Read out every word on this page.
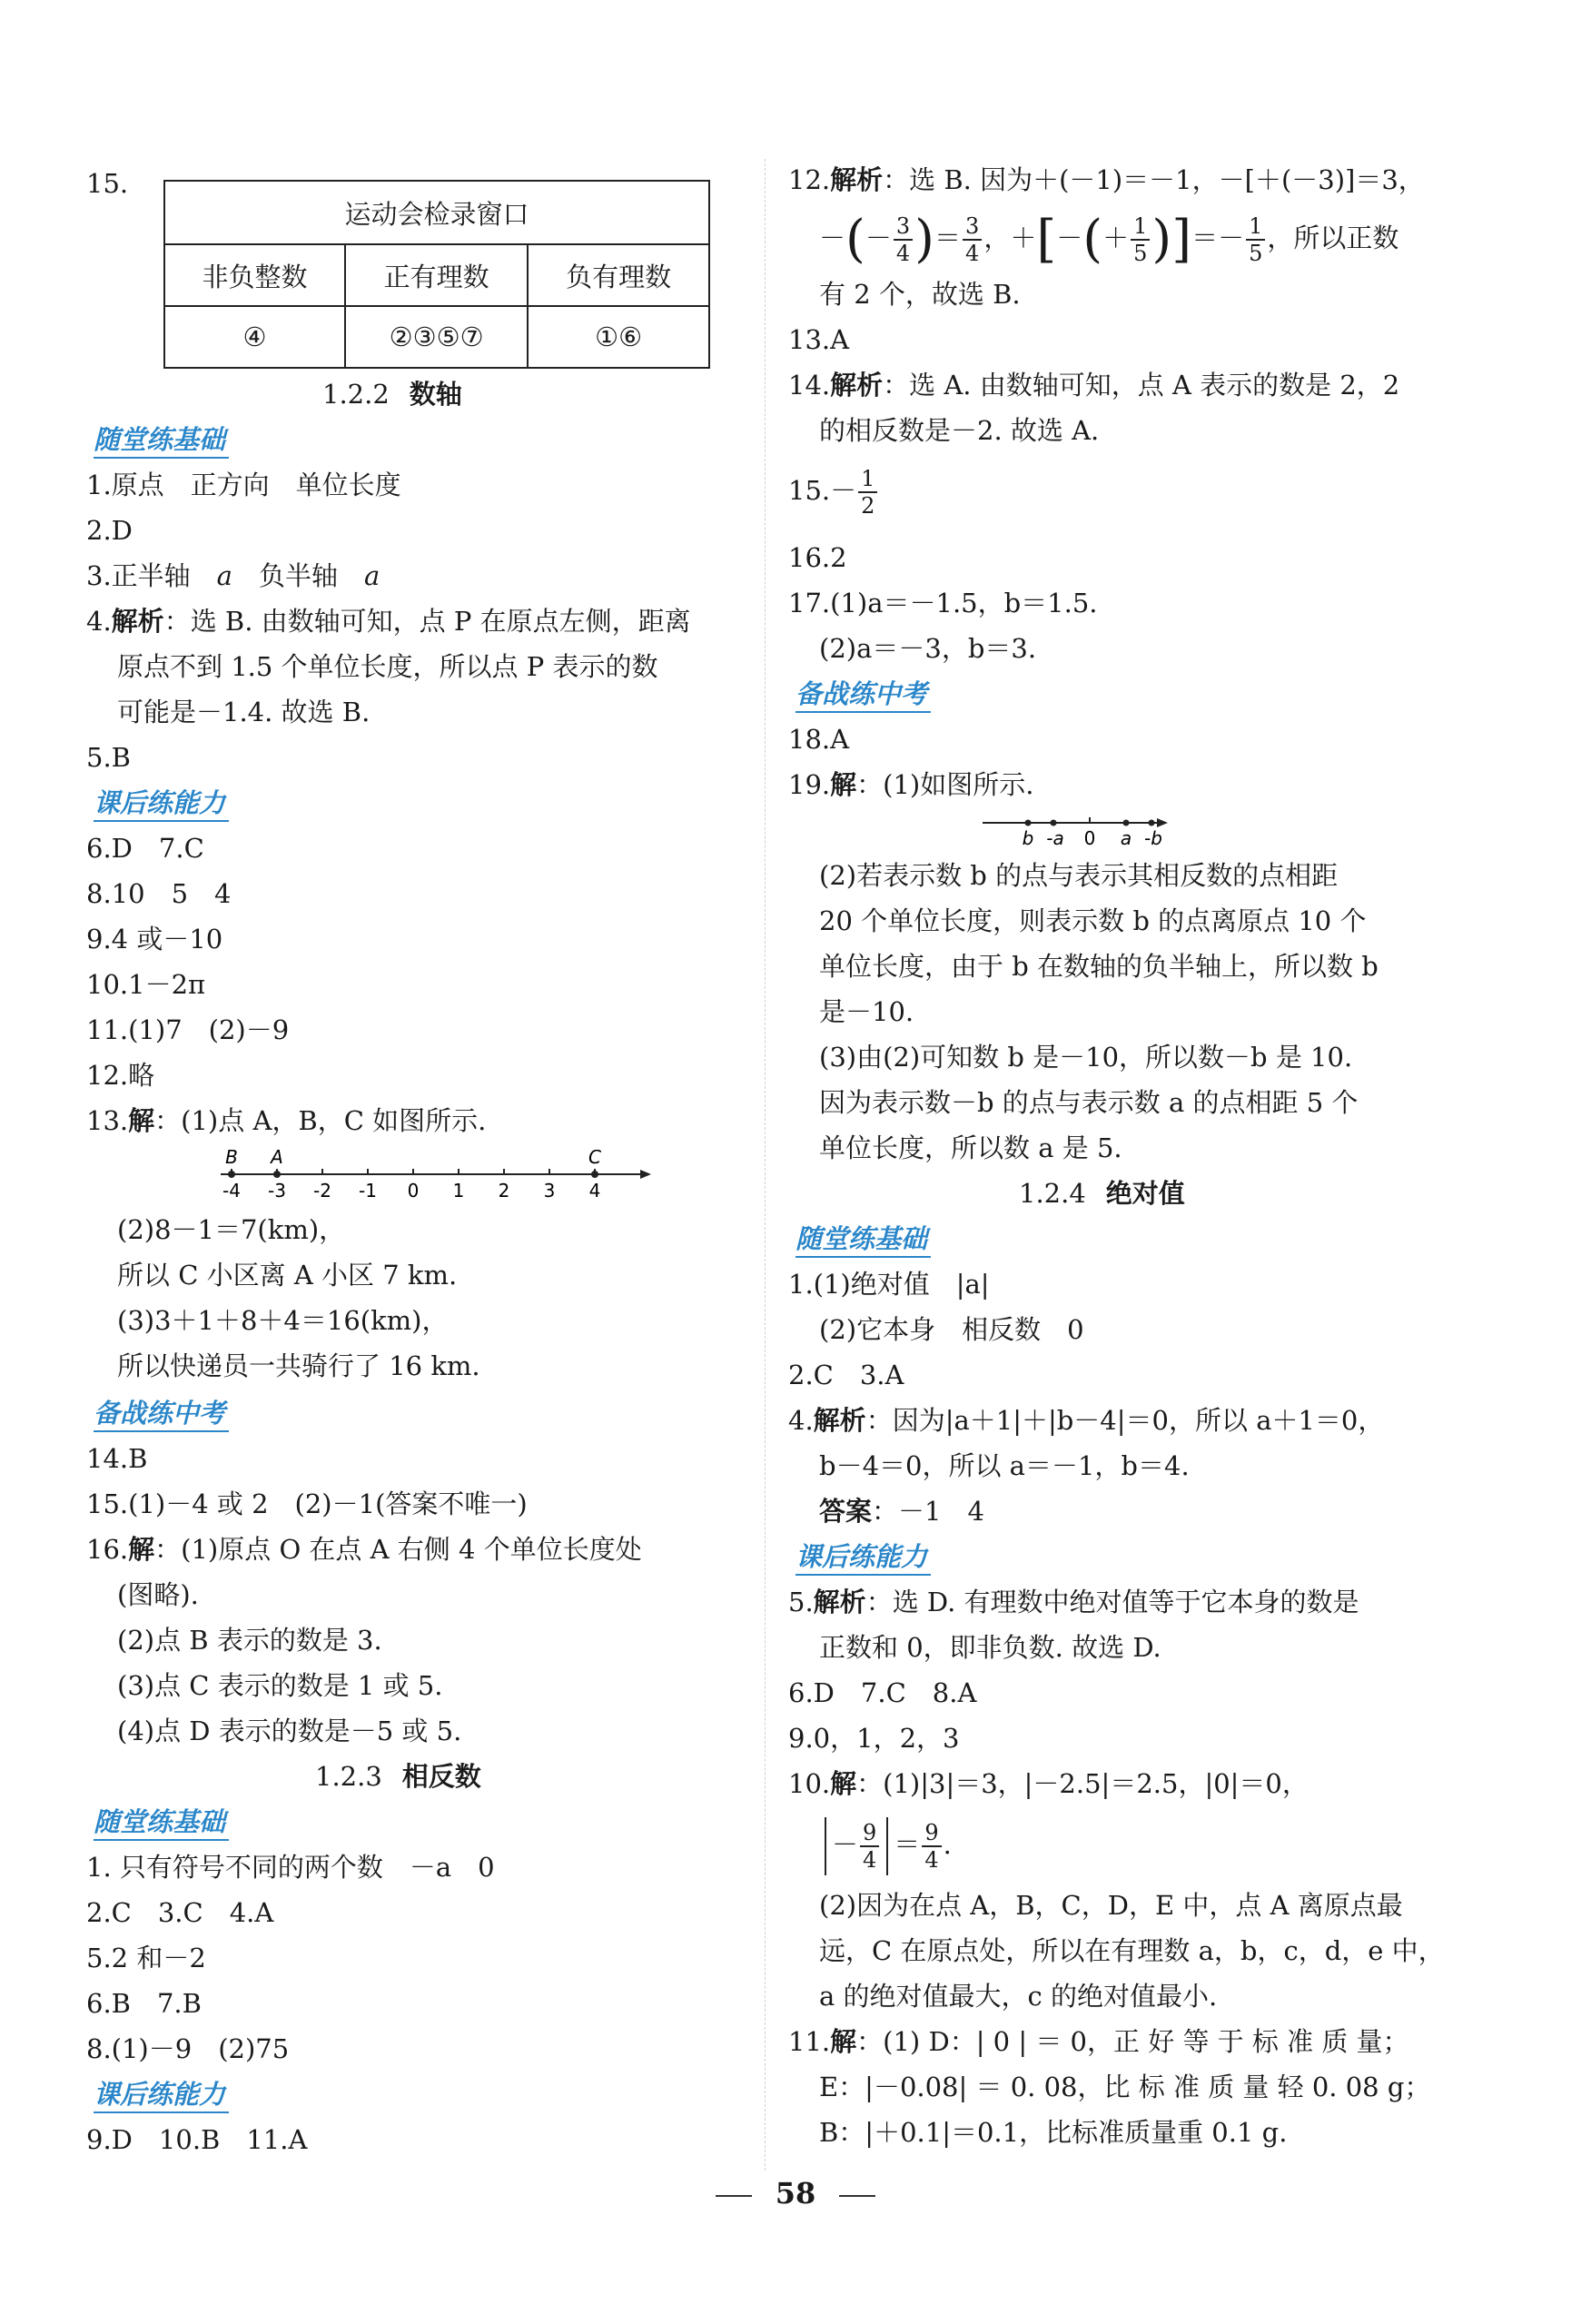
15.
运动会检录窗口		
非负整数	正有理数	负有理数
④	②③⑤⑦	①⑥
1.2.2 数轴
随堂练基础
1.原点　正方向　单位长度
2.D
3.正半轴　a　负半轴　a
4.解析：选 B. 由数轴可知，点 P 在原点左侧，距离
原点不到 1.5 个单位长度，所以点 P 表示的数
可能是－1.4. 故选 B.
5.B
课后练能力
6.D　7.C
8.10　5　4
9.4 或－10
10.1－2π
11.(1)7　(2)－9
12.略
13.解：(1)点 A，B，C 如图所示.
B A	C
-4 -3 -2 -1 0 1 2 3 4
(2)8－1＝7(km)，
所以 C 小区离 A 小区 7 km.
(3)3＋1＋8＋4＝16(km)，
所以快递员一共骑行了 16 km.
备战练中考
14.B
15.(1)－4 或 2　(2)－1(答案不唯一)
16.解：(1)原点 O 在点 A 右侧 4 个单位长度处
(图略).
(2)点 B 表示的数是 3.
(3)点 C 表示的数是 1 或 5.
(4)点 D 表示的数是－5 或 5.
1.2.3 相反数
随堂练基础
1. 只有符号不同的两个数　－a　0
2.C　3.C　4.A
5.2 和－2
6.B　7.B
8.(1)－9　(2)75
课后练能力
9.D　10.B　11.A
12.解析：选 B. 因为＋(－1)＝－1，－[＋(－3)]＝3，
－(－ $\frac{3}{4}$ )＝ $\frac{3}{4}$ ，＋[－(＋ $\frac{1}{5}$ )]＝－ $\frac{1}{5}$ ，所以正数
有 2 个，故选 B.
13.A
14.解析：选 A. 由数轴可知，点 A 表示的数是 2，2
的相反数是－2. 故选 A.
$15.- \frac{1}{2}$
16.2
17.(1)a＝－1.5，b＝1.5.
(2)a＝－3，b＝3.
备战练中考
18.A
19.解：(1)如图所示.
b -a 0 a -b
(2)若表示数 b 的点与表示其相反数的点相距
20 个单位长度，则表示数 b 的点离原点 10 个
单位长度，由于 b 在数轴的负半轴上，所以数 b
是－10.
(3)由(2)可知数 b 是－10，所以数－b 是 10.
因为表示数－b 的点与表示数 a 的点相距 5 个
单位长度，所以数 a 是 5.
1.2.4 绝对值
随堂练基础
1.(1)绝对值　|a|
(2)它本身　相反数　0
2.C　3.A
4.解析：因为|a＋1|＋|b－4|＝0，所以 a＋1＝0，
b－4＝0，所以 a＝－1，b＝4.
答案：－1　4
课后练能力
5.解析：选 D. 有理数中绝对值等于它本身的数是
正数和 0，即非负数. 故选 D.
6.D　7.C　8.A
9.0，1，2，3
10.解：(1)|3|＝3，|－2.5|＝2.5，|0|＝0，
－ $\frac{9}{4} = \frac{9}{4}$ .
(2)因为在点 A，B，C，D，E 中，点 A 离原点最
远，C 在原点处，所以在有理数 a，b，c，d，e 中，
a 的绝对值最大，c 的绝对值最小.
11.解：(1) D：| 0 | ＝ 0，正 好 等 于 标 准 质 量；
E：|－0.08| ＝ 0. 08，比 标 准 质 量 轻 0. 08 g；
B：|＋0.1|＝0.1，比标准质量重 0.1 g.
58
